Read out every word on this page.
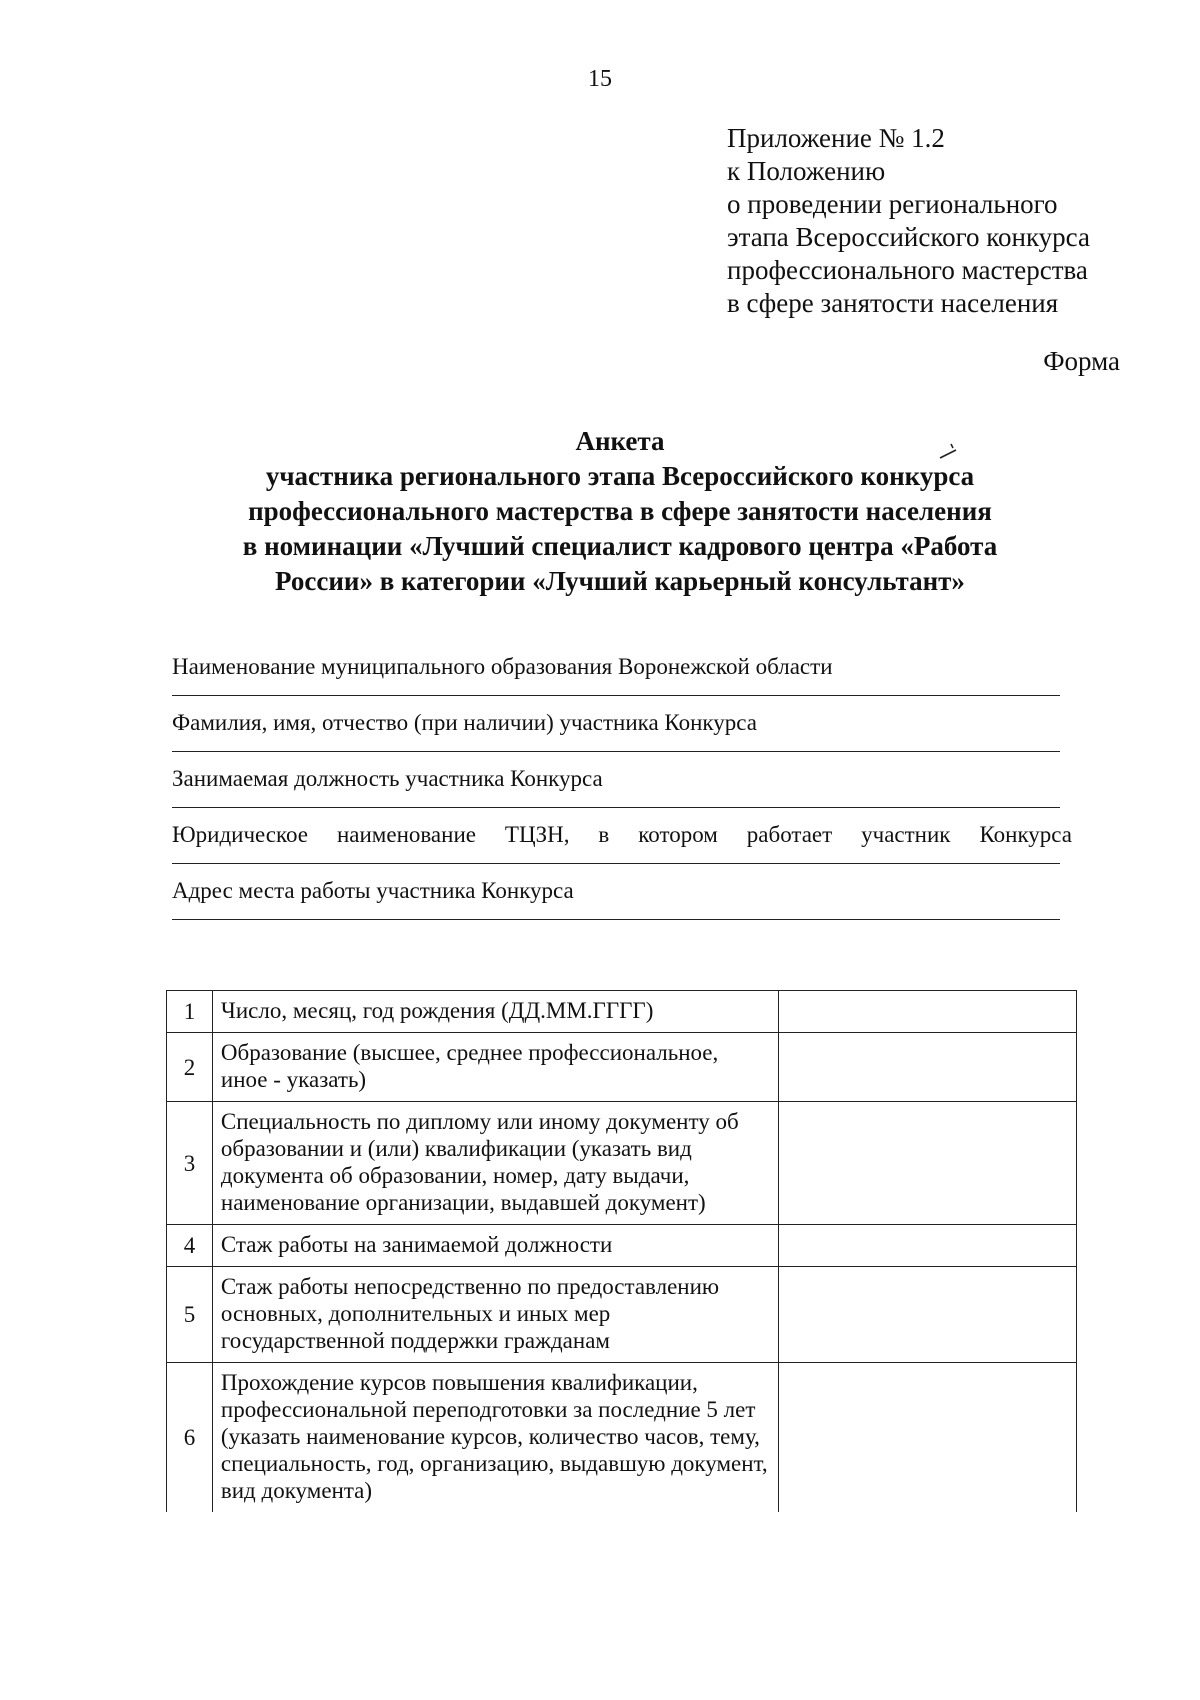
15
Приложение № 1.2
к Положению
о проведении регионального
этапа Всероссийского конкурса
профессионального мастерства
в сфере занятости населения
Форма
Анкета
участника регионального этапа Всероссийского конкурса
профессионального мастерства в сфере занятости населения
в номинации «Лучший специалист кадрового центра «Работа
России» в категории «Лучший карьерный консультант»
Наименование муниципального образования Воронежской области
Фамилия, имя, отчество (при наличии) участника Конкурса
Занимаемая должность участника Конкурса
Юридическое наименование ТЦЗН, в котором работает участник Конкурса
Адрес места работы участника Конкурса
1	Число, месяц, год рождения (ДД.ММ.ГГГГ)	
2	Образование (высшее, среднее профессиональное, иное - указать)	
3	Специальность по диплому или иному документу об образовании и (или) квалификации (указать вид документа об образовании, номер, дату выдачи, наименование организации, выдавшей документ)	
4	Стаж работы на занимаемой должности	
5	Стаж работы непосредственно по предоставлению основных, дополнительных и иных мер государственной поддержки гражданам	
6	Прохождение курсов повышения квалификации, профессиональной переподготовки за последние 5 лет (указать наименование курсов, количество часов, тему, специальность, год, организацию, выдавшую документ, вид документа)	
